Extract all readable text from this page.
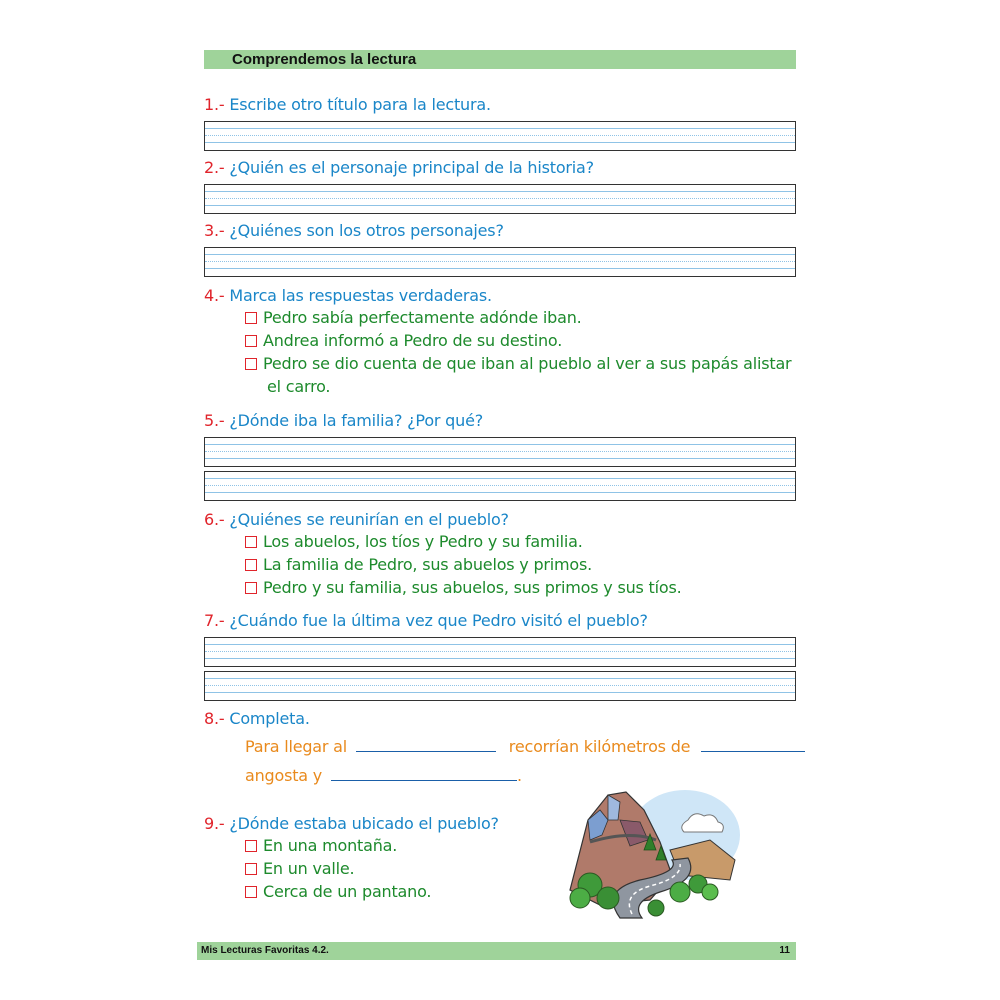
Comprendemos la lectura
1.- Escribe otro título para la lectura.
2.- ¿Quién es el personaje principal de la historia?
3.- ¿Quiénes son los otros personajes?
4.- Marca las respuestas verdaderas.
Pedro sabía perfectamente adónde iban.
Andrea informó a Pedro de su destino.
Pedro se dio cuenta de que iban al pueblo al ver a sus papás alistar
el carro.
5.- ¿Dónde iba la familia? ¿Por qué?
6.- ¿Quiénes se reunirían en el pueblo?
Los abuelos, los tíos y Pedro y su familia.
La familia de Pedro, sus abuelos y primos.
Pedro y su familia, sus abuelos, sus primos y sus tíos.
7.- ¿Cuándo fue la última vez que Pedro visitó el pueblo?
8.- Completa.
Para llegar al	recorrían kilómetros de
angosta y	.
9.- ¿Dónde estaba ubicado el pueblo?
En una montaña.
En un valle.
Cerca de un pantano.
Mis Lecturas Favoritas 4.2.	11
